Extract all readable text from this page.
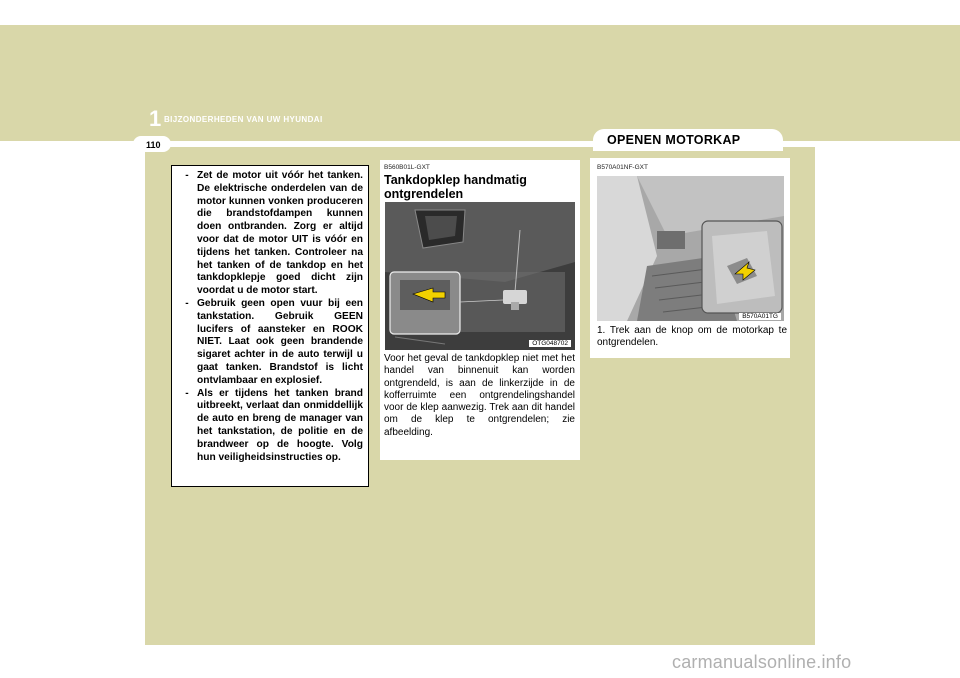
1 BIJZONDERHEDEN VAN UW HYUNDAI
110	OPENEN MOTORKAP
- Zet de motor uit vóór het tanken. De elektrische onderdelen van de motor kunnen vonken produceren die brandstofdampen kunnen doen ontbranden. Zorg er altijd voor dat de motor UIT is vóór en tijdens het tanken. Controleer na het tanken of de tankdop en het tankdopklepje goed dicht zijn voordat u de motor start.
- Gebruik geen open vuur bij een tankstation. Gebruik GEEN lucifers of aansteker en ROOK NIET. Laat ook geen brandende sigaret achter in de auto terwijl u gaat tanken. Brandstof is licht ontvlambaar en explosief.
- Als er tijdens het tanken brand uitbreekt, verlaat dan onmiddellijk de auto en breng de manager van het tankstation, de politie en de brandweer op de hoogte. Volg hun veiligheidsinstructies op.
B560B01L-GXT
Tankdopklep handmatig ontgrendelen
OTG048702
Voor het geval de tankdopklep niet met het handel van binnenuit kan worden ontgrendeld, is aan de linkerzijde in de kofferruimte een ontgrendelingshandel voor de klep aanwezig. Trek aan dit handel om de klep te ontgrendelen; zie afbeelding.
B570A01NF-GXT
B570A01TG
1. Trek aan de knop om de motorkap te ontgrendelen.
carmanualsonline.info
